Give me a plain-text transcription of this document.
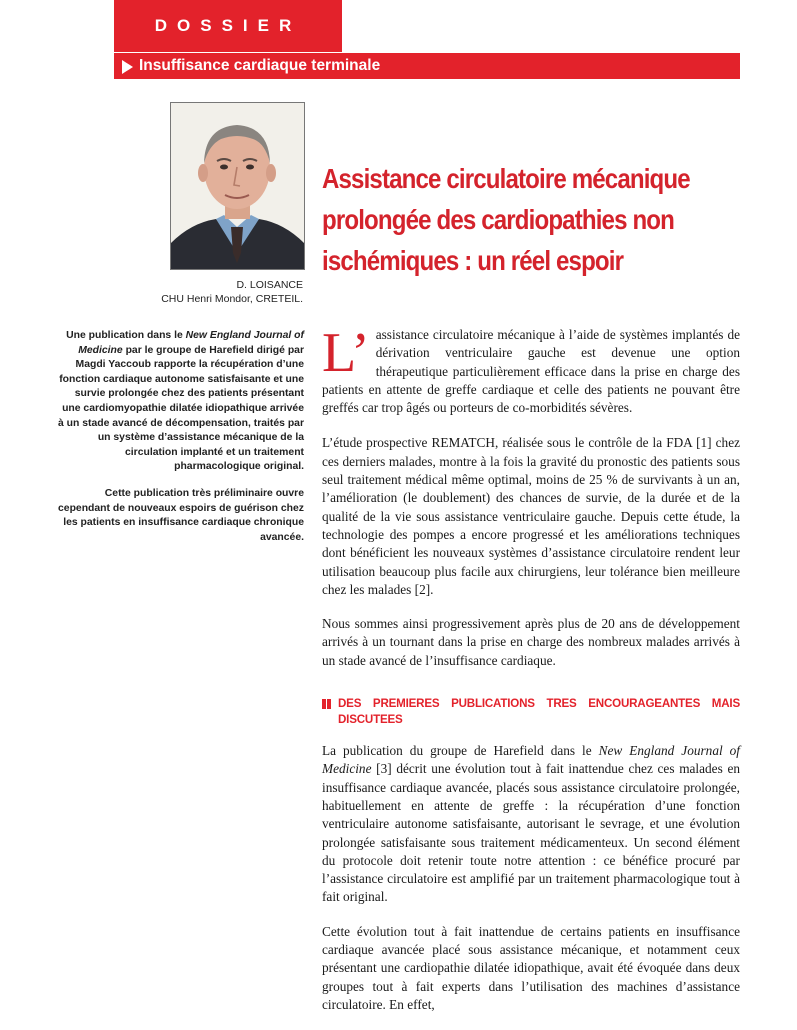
DOSSIER
Insuffisance cardiaque terminale
D. LOISANCE
CHU Henri Mondor, CRETEIL.
Assistance circulatoire mécanique
prolongée des cardiopathies non
ischémiques : un réel espoir

Une publication dans le New England Journal of Medicine par le groupe de Harefield dirigé par Magdi Yaccoub rapporte la récupération d’une fonction cardiaque autonome satisfaisante et une survie prolongée chez des patients présentant une cardiomyopathie dilatée idiopathique arrivée à un stade avancé de décompensation, traités par un système d’assistance mécanique de la circulation implanté et un traitement pharmacologique original.

Cette publication très préliminaire ouvre cependant de nouveaux espoirs de guérison chez les patients en insuffisance cardiaque chronique avancée.

L’ assistance circulatoire mécanique à l’aide de systèmes implantés de dérivation ventriculaire gauche est devenue une option thérapeutique particulièrement efficace dans la prise en charge des patients en attente de greffe cardiaque et celle des patients ne pouvant être greffés car trop âgés ou porteurs de co-morbidités sévères.

L’étude prospective REMATCH, réalisée sous le contrôle de la FDA [1] chez ces derniers malades, montre à la fois la gravité du pronostic des patients sous seul traitement médical même optimal, moins de 25 % de survivants à un an, l’amélioration (le doublement) des chances de survie, de la durée et de la qualité de la vie sous assistance ventriculaire gauche. Depuis cette étude, la technologie des pompes a encore progressé et les améliorations techniques dont bénéficient les nouveaux systèmes d’assistance circulatoire rendent leur utilisation beaucoup plus facile aux chirurgiens, leur tolérance bien meilleure chez les malades [2].

Nous sommes ainsi progressivement après plus de 20 ans de développement arrivés à un tournant dans la prise en charge des nombreux malades arrivés à un stade avancé de l’insuffisance cardiaque.

DES PREMIERES PUBLICATIONS TRES ENCOURAGEANTES MAIS DISCUTEES

La publication du groupe de Harefield dans le New England Journal of Medicine [3] décrit une évolution tout à fait inattendue chez ces malades en insuffisance cardiaque avancée, placés sous assistance circulatoire prolongée, habituellement en attente de greffe : la récupération d’une fonction ventriculaire autonome satisfaisante, autorisant le sevrage, et une évolution prolongée satisfaisante sous traitement médicamenteux. Un second élément du protocole doit retenir toute notre attention : ce bénéfice procuré par l’assistance circulatoire est amplifié par un traitement pharmacologique tout à fait original.

Cette évolution tout à fait inattendue de certains patients en insuffisance cardiaque avancée placé sous assistance mécanique, et notamment ceux présentant une cardiopathie dilatée idiopathique, avait été évoquée dans deux groupes tout à fait experts dans l’utilisation des machines d’assistance circulatoire. En effet,
